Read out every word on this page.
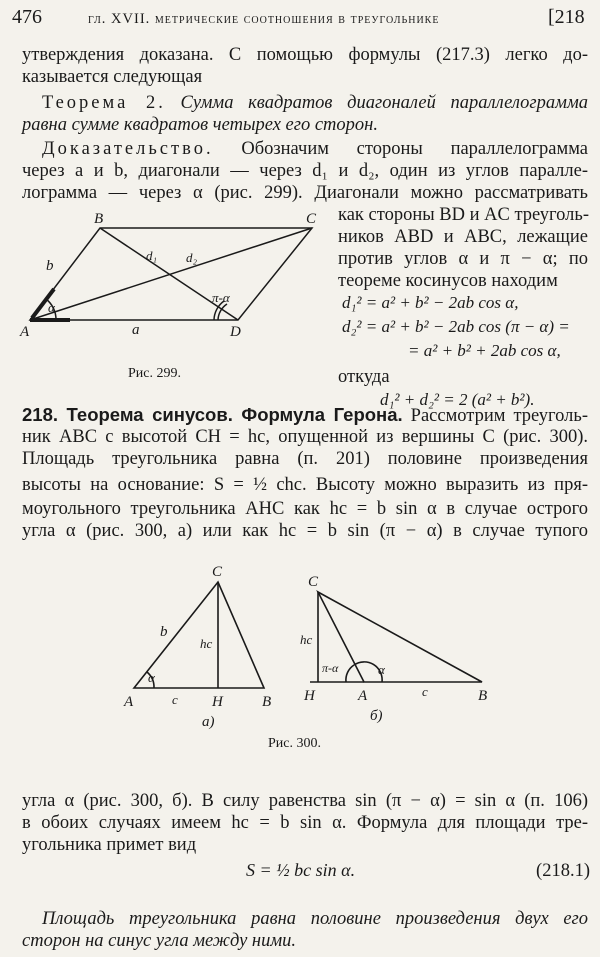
476	гл. XVII. метрические соотношения в треугольнике	[218
утверждения доказана. С помощью формулы (217.3) легко до-
казывается следующая
Теорема 2. Сумма квадратов диагоналей параллелограмма
равна сумме квадратов четырех его сторон.
Доказательство. Обозначим стороны параллелограмма
через a и b, диагонали — через d₁ и d₂, один из углов паралле-
лограмма — через α (рис. 299). Диагонали можно рассматривать
как стороны BD и AC треуголь-
ников ABD и ABC, лежащие
против углов α и π − α; по
теореме косинусов находим
d₁² = a² + b² − 2ab cos α,
d₂² = a² + b² − 2ab cos (π − α) =
= a² + b² + 2ab cos α,
откуда
d₁² + d₂² = 2 (a² + b²).
B	C
A	D
b
a
d₁ d₂
α
π-α
Рис. 299.
218. Теорема синусов. Формула Герона. Рассмотрим треуголь-
ник ABC с высотой CH = hc, опущенной из вершины C (рис. 300).
Площадь треугольника равна (п. 201) половине произведения
высоты на основание: S = ½ chc. Высоту можно выразить из пря-
моугольного треугольника AHC как hc = b sin α в случае острого
угла α (рис. 300, a) или как hc = b sin (π − α) в случае тупого
C
A	H	B
b
hc
α
c
a)
C
H	A	B
hc
π-α	α
c
б)
Рис. 300.
угла α (рис. 300, б). В силу равенства sin (π − α) = sin α (п. 106)
в обоих случаях имеем hc = b sin α. Формула для площади тре-
угольника примет вид
S = ½ bc sin α.	(218.1)
Площадь треугольника равна половине произведения двух его
сторон на синус угла между ними.
